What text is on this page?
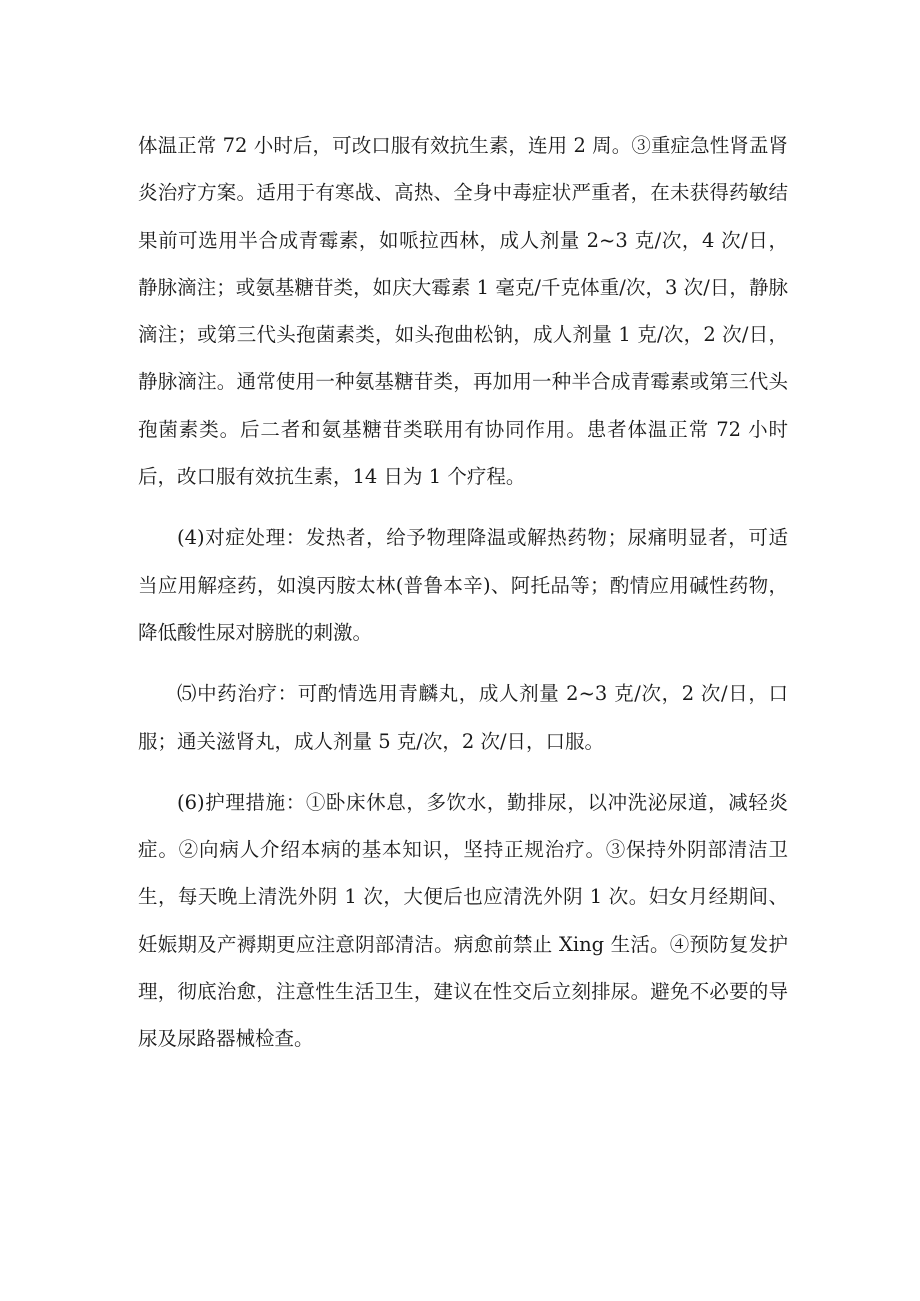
体温正常 72 小时后，可改口服有效抗生素，连用 2 周。③重症急性肾盂肾炎治疗方案。适用于有寒战、高热、全身中毒症状严重者，在未获得药敏结果前可选用半合成青霉素，如哌拉西林，成人剂量 2~3 克/次，4 次/日，静脉滴注；或氨基糖苷类，如庆大霉素 1 毫克/千克体重/次，3 次/日，静脉滴注；或第三代头孢菌素类，如头孢曲松钠，成人剂量 1 克/次，2 次/日，静脉滴注。通常使用一种氨基糖苷类，再加用一种半合成青霉素或第三代头孢菌素类。后二者和氨基糖苷类联用有协同作用。患者体温正常 72 小时后，改口服有效抗生素，14 日为 1 个疗程。

(4)对症处理：发热者，给予物理降温或解热药物；尿痛明显者，可适当应用解痉药，如溴丙胺太林(普鲁本辛)、阿托品等；酌情应用碱性药物，降低酸性尿对膀胱的刺激。

⑸中药治疗：可酌情选用青麟丸，成人剂量 2~3 克/次，2 次/日，口服；通关滋肾丸，成人剂量 5 克/次，2 次/日，口服。

(6)护理措施：①卧床休息，多饮水，勤排尿，以冲洗泌尿道，减轻炎症。②向病人介绍本病的基本知识，坚持正规治疗。③保持外阴部清洁卫生，每天晚上清洗外阴 1 次，大便后也应清洗外阴 1 次。妇女月经期间、妊娠期及产褥期更应注意阴部清洁。病愈前禁止 Xing 生活。④预防复发护理，彻底治愈，注意性生活卫生，建议在性交后立刻排尿。避免不必要的导尿及尿路器械检查。
